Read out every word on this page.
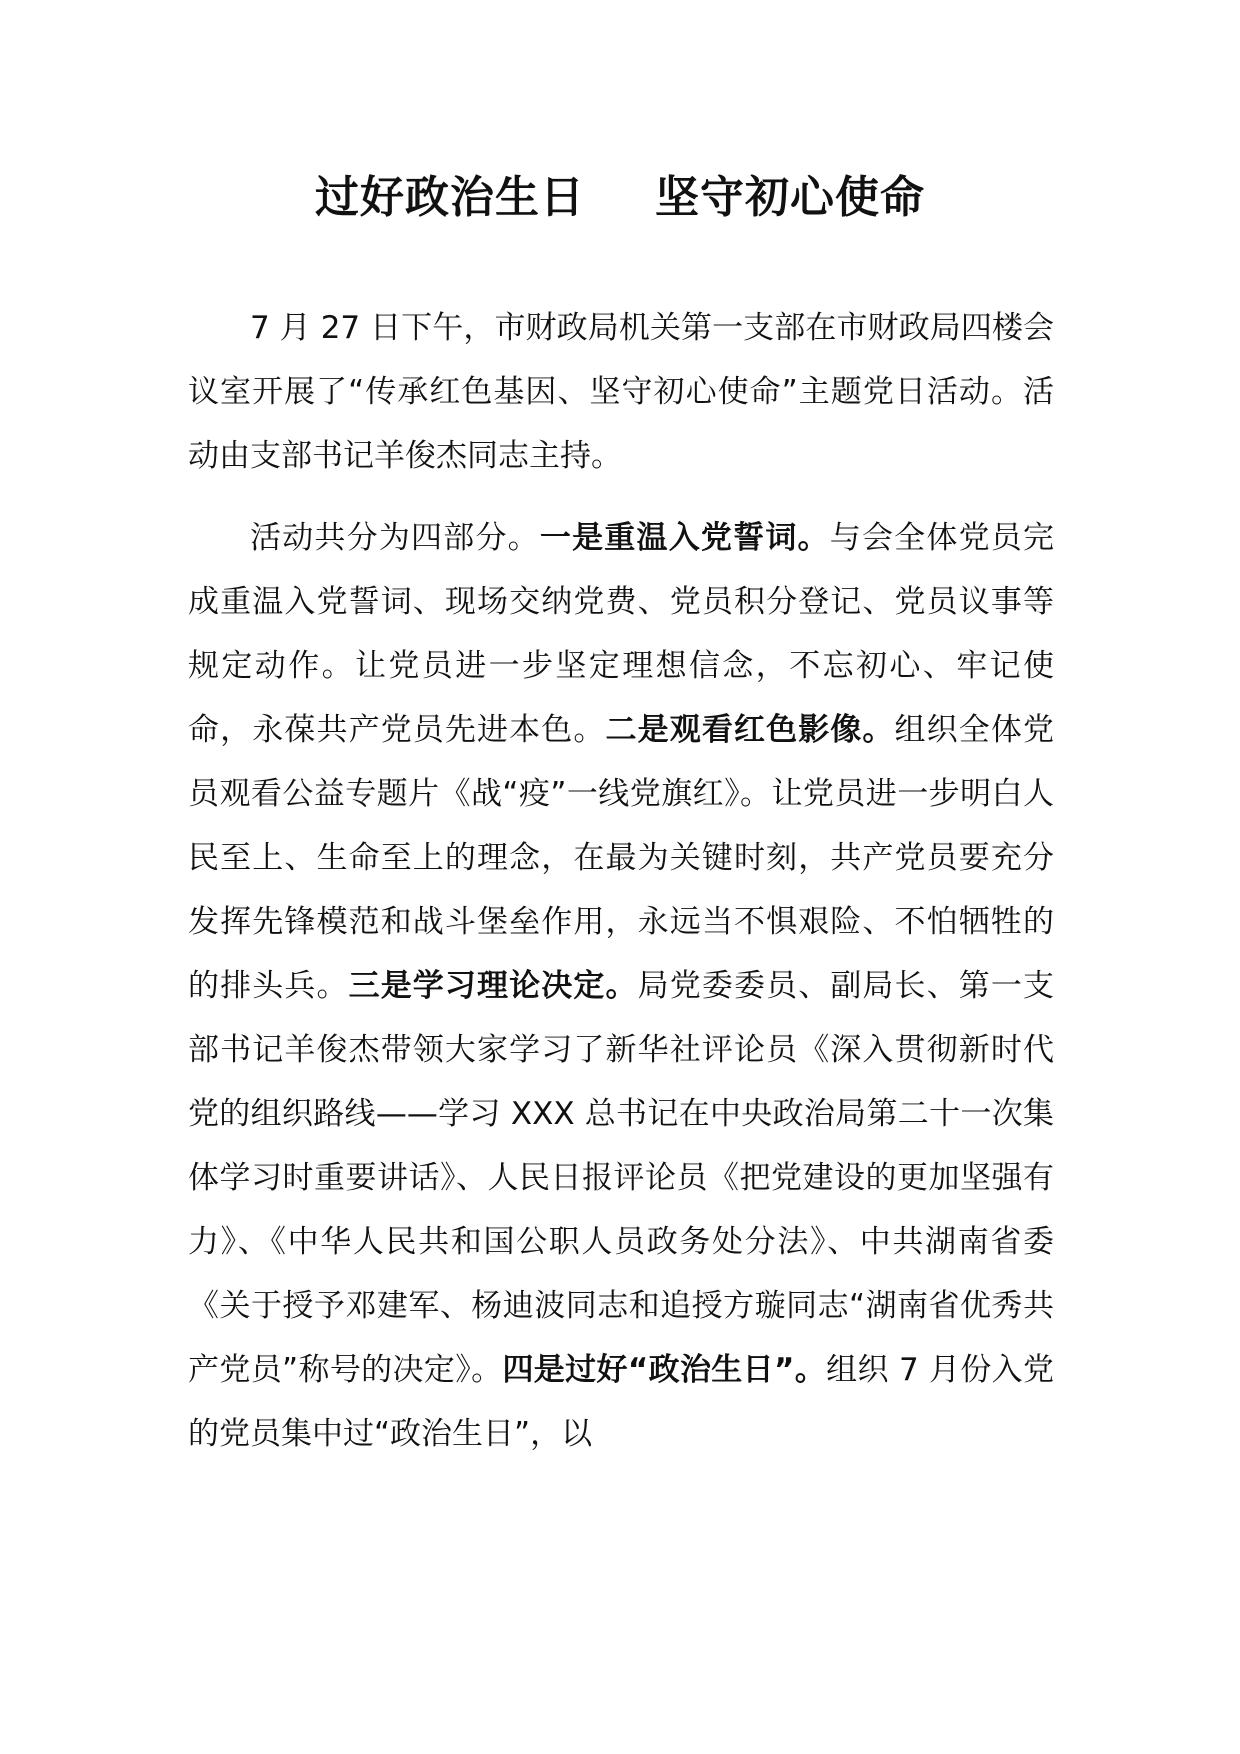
过好政治生日 坚守初心使命

7 月 27 日下午，市财政局机关第一支部在市财政局四楼会议室开展了“传承红色基因、坚守初心使命”主题党日活动。活动由支部书记羊俊杰同志主持。

活动共分为四部分。一是重温入党誓词。与会全体党员完成重温入党誓词、现场交纳党费、党员积分登记、党员议事等规定动作。让党员进一步坚定理想信念，不忘初心、牢记使命，永葆共产党员先进本色。二是观看红色影像。组织全体党员观看公益专题片《战“疫”一线党旗红》。让党员进一步明白人民至上、生命至上的理念，在最为关键时刻，共产党员要充分发挥先锋模范和战斗堡垒作用，永远当不惧艰险、不怕牺牲的的排头兵。三是学习理论决定。局党委委员、副局长、第一支部书记羊俊杰带领大家学习了新华社评论员《深入贯彻新时代党的组织路线——学习 XXX 总书记在中央政治局第二十一次集体学习时重要讲话》、人民日报评论员《把党建设的更加坚强有力》、《中华人民共和国公职人员政务处分法》、中共湖南省委《关于授予邓建军、杨迪波同志和追授方璇同志“湖南省优秀共产党员”称号的决定》。四是过好“政治生日”。组织 7 月份入党的党员集中过“政治生日”，以
